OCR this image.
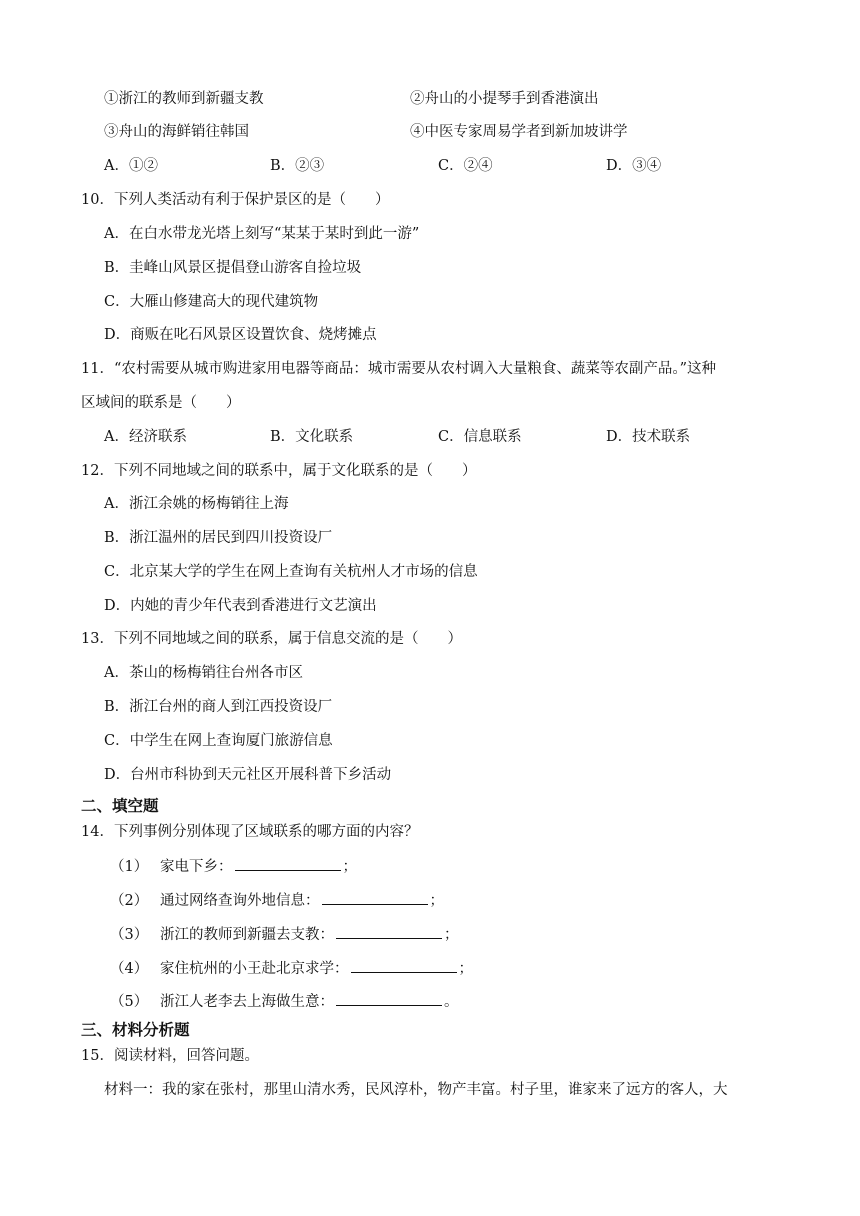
①浙江的教师到新疆支教	②舟山的小提琴手到香港演出
③舟山的海鲜销往韩国	④中医专家周易学者到新加坡讲学
A．①②	B．②③	C．②④	D．③④
10．下列人类活动有利于保护景区的是（　　）
A．在白水带龙光塔上刻写“某某于某时到此一游”
B．圭峰山风景区提倡登山游客自捡垃圾
C．大雁山修建高大的现代建筑物
D．商贩在叱石风景区设置饮食、烧烤摊点
11．“农村需要从城市购进家用电器等商品：城市需要从农村调入大量粮食、蔬菜等农副产品。”这种
区域间的联系是（　　）
A．经济联系	B．文化联系	C．信息联系	D．技术联系
12．下列不同地域之间的联系中，属于文化联系的是（　　）
A．浙江余姚的杨梅销往上海
B．浙江温州的居民到四川投资设厂
C．北京某大学的学生在网上查询有关杭州人才市场的信息
D．内她的青少年代表到香港进行文艺演出
13．下列不同地域之间的联系，属于信息交流的是（　　）
A．茶山的杨梅销往台州各市区
B．浙江台州的商人到江西投资设厂
C．中学生在网上查询厦门旅游信息
D．台州市科协到天元社区开展科普下乡活动
二、填空题
14．下列事例分别体现了区域联系的哪方面的内容？
（1） 家电下乡：	；
（2） 通过网络查询外地信息：	；
（3） 浙江的教师到新疆去支教：	；
（4） 家住杭州的小王赴北京求学：	；
（5） 浙江人老李去上海做生意：	。
三、材料分析题
15．阅读材料，回答问题。
材料一：我的家在张村，那里山清水秀，民风淳朴，物产丰富。村子里，谁家来了远方的客人，大
